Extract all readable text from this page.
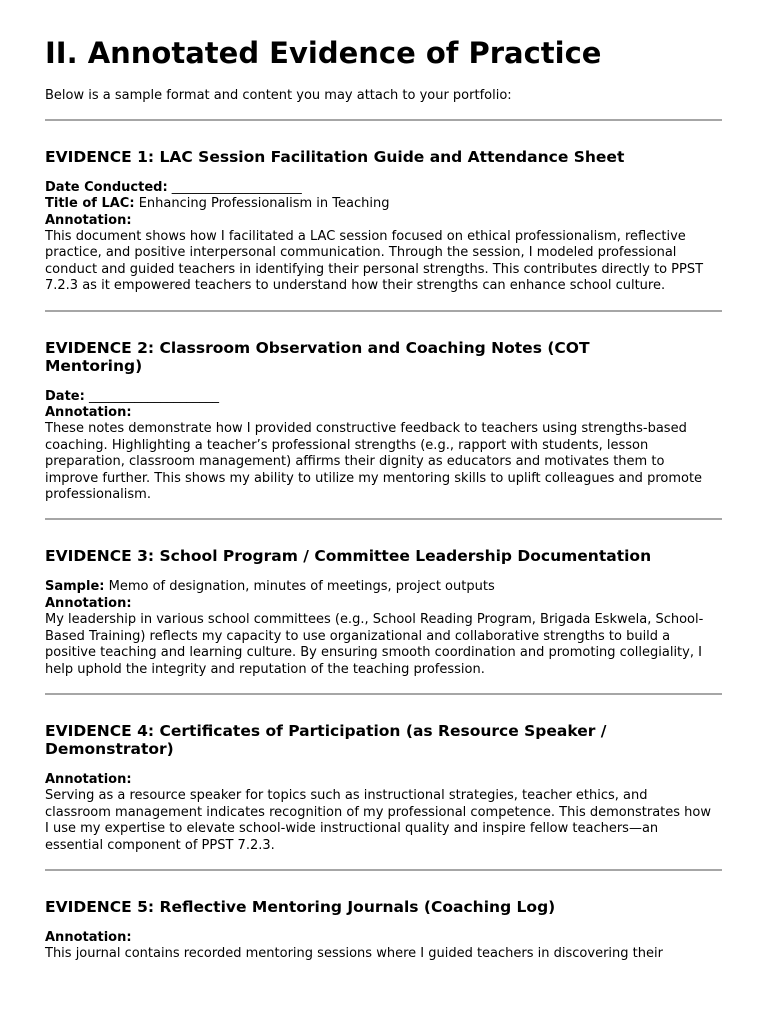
II. Annotated Evidence of Practice

Below is a sample format and content you may attach to your portfolio:

EVIDENCE 1: LAC Session Facilitation Guide and Attendance Sheet

Date Conducted: ____________________

Title of LAC: Enhancing Professionalism in Teaching

Annotation:

This document shows how I facilitated a LAC session focused on ethical professionalism, reflective

practice, and positive interpersonal communication. Through the session, I modeled professional

conduct and guided teachers in identifying their personal strengths. This contributes directly to PPST

7.2.3 as it empowered teachers to understand how their strengths can enhance school culture.

EVIDENCE 2: Classroom Observation and Coaching Notes (COT
Mentoring)

Date: ____________________

Annotation:

These notes demonstrate how I provided constructive feedback to teachers using strengths-based

coaching. Highlighting a teacher’s professional strengths (e.g., rapport with students, lesson

preparation, classroom management) affirms their dignity as educators and motivates them to

improve further. This shows my ability to utilize my mentoring skills to uplift colleagues and promote

professionalism.

EVIDENCE 3: School Program / Committee Leadership Documentation

Sample: Memo of designation, minutes of meetings, project outputs

Annotation:

My leadership in various school committees (e.g., School Reading Program, Brigada Eskwela, School-

Based Training) reflects my capacity to use organizational and collaborative strengths to build a

positive teaching and learning culture. By ensuring smooth coordination and promoting collegiality, I

help uphold the integrity and reputation of the teaching profession.

EVIDENCE 4: Certificates of Participation (as Resource Speaker /
Demonstrator)

Annotation:

Serving as a resource speaker for topics such as instructional strategies, teacher ethics, and

classroom management indicates recognition of my professional competence. This demonstrates how

I use my expertise to elevate school-wide instructional quality and inspire fellow teachers—an

essential component of PPST 7.2.3.

EVIDENCE 5: Reflective Mentoring Journals (Coaching Log)

Annotation:

This journal contains recorded mentoring sessions where I guided teachers in discovering their
